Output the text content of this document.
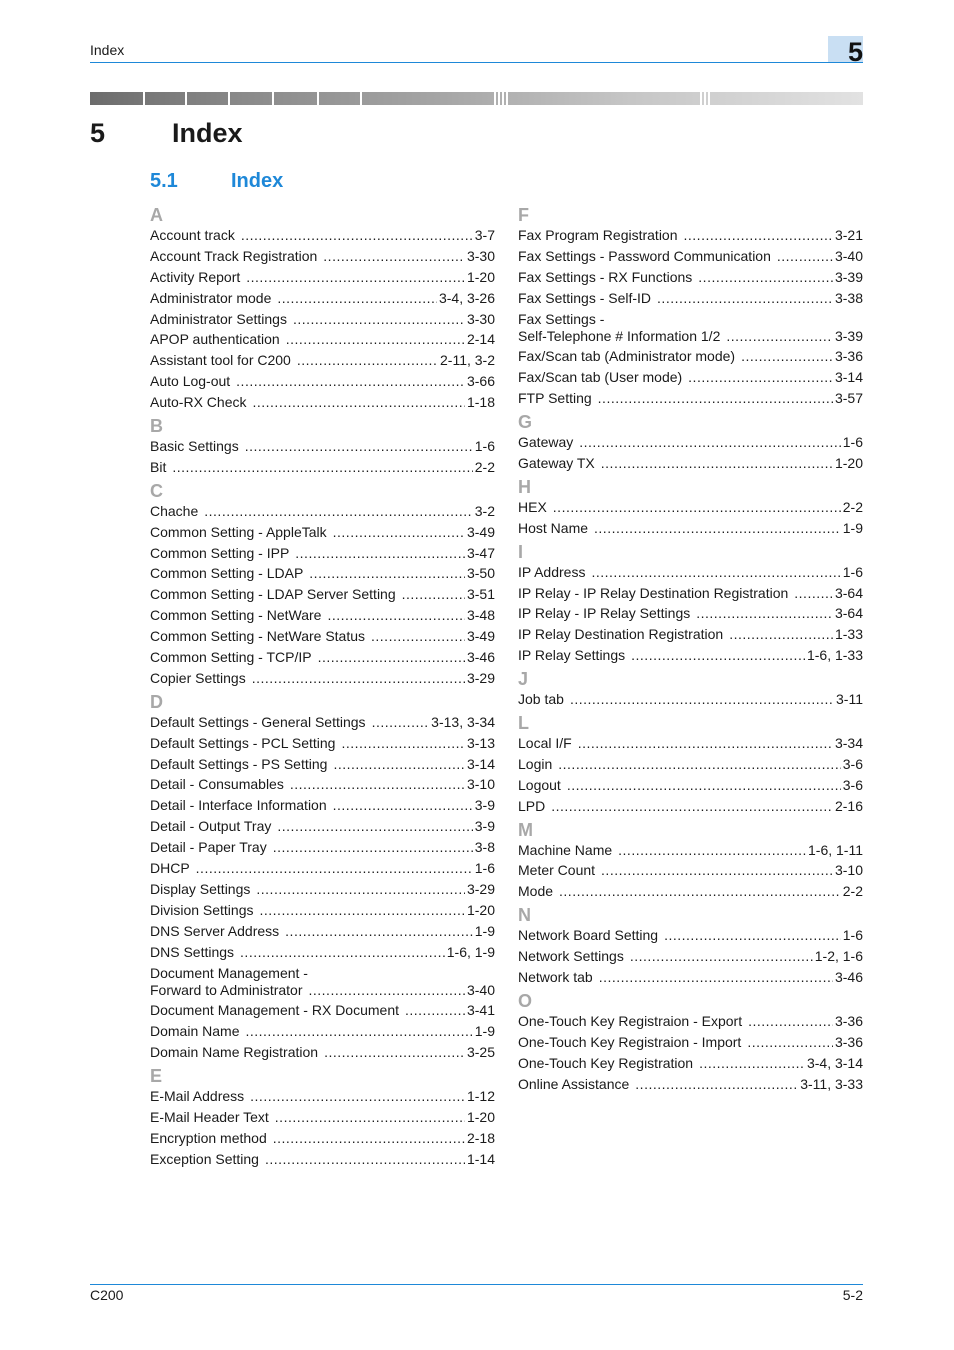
Index	5
5 Index
5.1	Index
A
Account track .....	3-7
Account Track Registration .....	3-30
Activity Report .....	1-20
Administrator mode .....	3-4, 3-26
Administrator Settings .....	3-30
APOP authentication .....	2-14
Assistant tool for C200 .....	2-11, 3-2
Auto Log-out .....	3-66
Auto-RX Check .....	1-18
B
Basic Settings .....	1-6
Bit .....	2-2
C
Chache .....	3-2
Common Setting - AppleTalk .....	3-49
Common Setting - IPP .....	3-47
Common Setting - LDAP .....	3-50
Common Setting - LDAP Server Setting .....	3-51
Common Setting - NetWare .....	3-48
Common Setting - NetWare Status .....	3-49
Common Setting - TCP/IP .....	3-46
Copier Settings .....	3-29
D
Default Settings - General Settings .....	3-13, 3-34
Default Settings - PCL Setting .....	3-13
Default Settings - PS Setting .....	3-14
Detail - Consumables .....	3-10
Detail - Interface Information .....	3-9
Detail - Output Tray .....	3-9
Detail - Paper Tray .....	3-8
DHCP .....	1-6
Display Settings .....	3-29
Division Settings .....	1-20
DNS Server Address .....	1-9
DNS Settings .....	1-6, 1-9
Document Management -
Forward to Administrator .....	3-40
Document Management - RX Document .....	3-41
Domain Name .....	1-9
Domain Name Registration .....	3-25
E
E-Mail Address .....	1-12
E-Mail Header Text .....	1-20
Encryption method .....	2-18
Exception Setting .....	1-14
F
Fax Program Registration .....	3-21
Fax Settings - Password Communication .....	3-40
Fax Settings - RX Functions .....	3-39
Fax Settings - Self-ID .....	3-38
Fax Settings -
Self-Telephone # Information 1/2 .....	3-39
Fax/Scan tab (Administrator mode) .....	3-36
Fax/Scan tab (User mode) .....	3-14
FTP Setting .....	3-57
G
Gateway .....	1-6
Gateway TX .....	1-20
H
HEX .....	2-2
Host Name .....	1-9
I
IP Address .....	1-6
IP Relay - IP Relay Destination Registration .....	3-64
IP Relay - IP Relay Settings .....	3-64
IP Relay Destination Registration .....	1-33
IP Relay Settings .....	1-6, 1-33
J
Job tab .....	3-11
L
Local I/F .....	3-34
Login .....	3-6
Logout .....	3-6
LPD .....	2-16
M
Machine Name .....	1-6, 1-11
Meter Count .....	3-10
Mode .....	2-2
N
Network Board Setting .....	1-6
Network Settings .....	1-2, 1-6
Network tab .....	3-46
O
One-Touch Key Registraion - Export .....	3-36
One-Touch Key Registraion - Import .....	3-36
One-Touch Key Registration .....	3-4, 3-14
Online Assistance .....	3-11, 3-33
C200	5-2
